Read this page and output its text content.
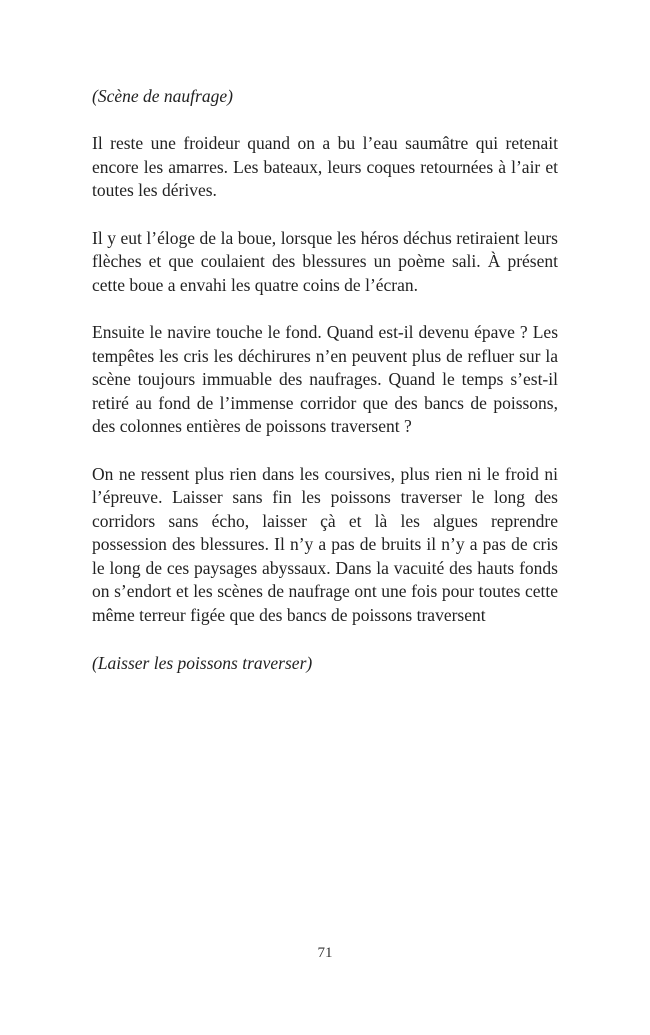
(Scène de naufrage)

Il reste une froideur quand on a bu l’eau saumâtre qui retenait encore les amarres. Les bateaux, leurs coques retournées à l’air et toutes les dérives.

Il y eut l’éloge de la boue, lorsque les héros déchus retiraient leurs flèches et que coulaient des blessures un poème sali. À présent cette boue a envahi les quatre coins de l’écran.

Ensuite le navire touche le fond. Quand est-il devenu épave ? Les tempêtes les cris les déchirures n’en peuvent plus de refluer sur la scène toujours immuable des naufrages. Quand le temps s’est-il retiré au fond de l’immense corridor que des bancs de poissons, des colonnes entières de poissons traversent ?

On ne ressent plus rien dans les coursives, plus rien ni le froid ni l’épreuve. Laisser sans fin les poissons traverser le long des corridors sans écho, laisser çà et là les algues reprendre possession des blessures. Il n’y a pas de bruits il n’y a pas de cris le long de ces paysages abyssaux. Dans la vacuité des hauts fonds on s’endort et les scènes de naufrage ont une fois pour toutes cette même terreur figée que des bancs de poissons traversent

(Laisser les poissons traverser)

71
